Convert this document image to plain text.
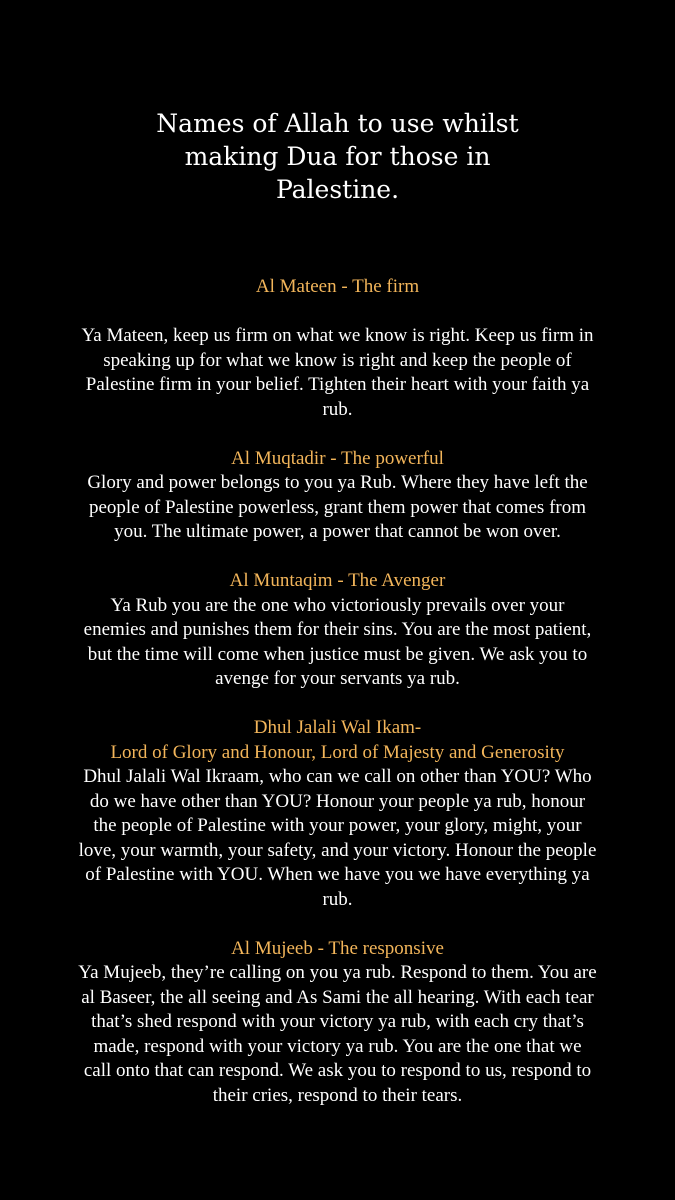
Names of Allah to use whilst
making Dua for those in
Palestine.
Al Mateen - The firm
Ya Mateen, keep us firm on what we know is right. Keep us firm in
speaking up for what we know is right and keep the people of
Palestine firm in your belief. Tighten their heart with your faith ya
rub.
Al Muqtadir - The powerful
Glory and power belongs to you ya Rub. Where they have left the
people of Palestine powerless, grant them power that comes from
you. The ultimate power, a power that cannot be won over.
Al Muntaqim - The Avenger
Ya Rub you are the one who victoriously prevails over your
enemies and punishes them for their sins. You are the most patient,
but the time will come when justice must be given. We ask you to
avenge for your servants ya rub.
Dhul Jalali Wal Ikam-
Lord of Glory and Honour, Lord of Majesty and Generosity
Dhul Jalali Wal Ikraam, who can we call on other than YOU? Who
do we have other than YOU? Honour your people ya rub, honour
the people of Palestine with your power, your glory, might, your
love, your warmth, your safety, and your victory. Honour the people
of Palestine with YOU. When we have you we have everything ya
rub.
Al Mujeeb - The responsive
Ya Mujeeb, they’re calling on you ya rub. Respond to them. You are
al Baseer, the all seeing and As Sami the all hearing. With each tear
that’s shed respond with your victory ya rub, with each cry that’s
made, respond with your victory ya rub. You are the one that we
call onto that can respond. We ask you to respond to us, respond to
their cries, respond to their tears.
